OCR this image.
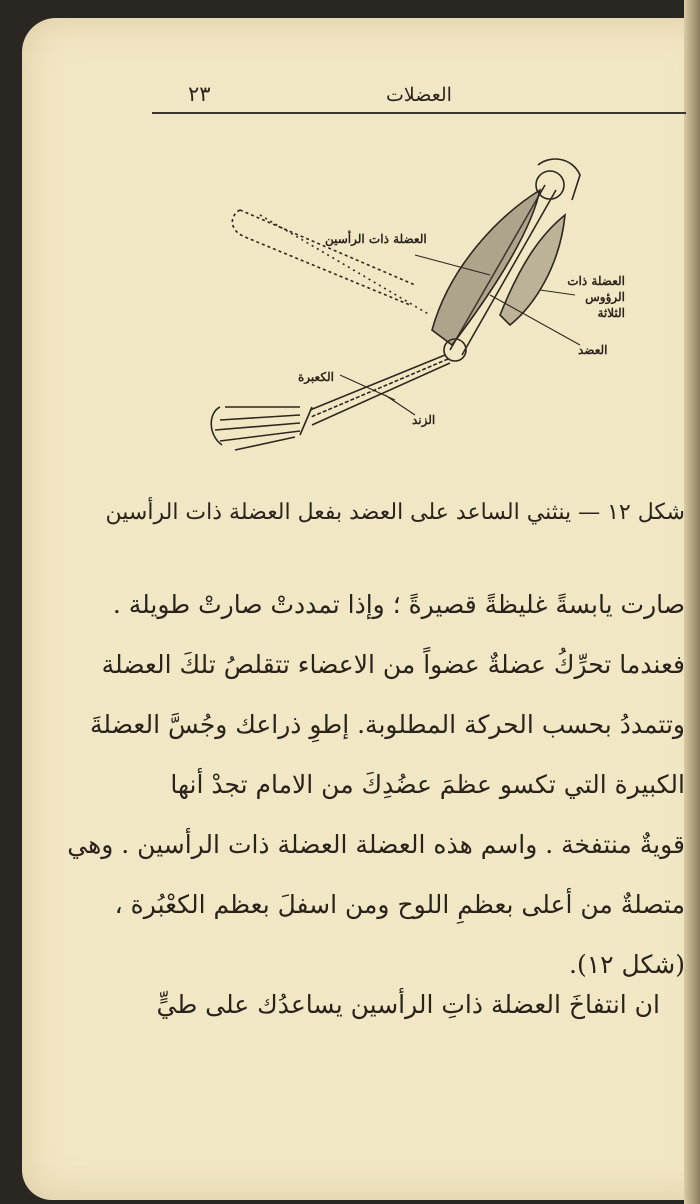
العضلات
٢٣
العضلة ذات الرأسين
العضلة ذات الرؤوس الثلاثة
العضد
الكعبرة
الزند
شكل ١٢ — ينثني الساعد على العضد بفعل العضلة ذات الرأسين
صارت يابسةً غليظةً قصيرةً ؛ وإذا تمددتْ صارتْ طويلة .
فعندما تحرِّكُ عضلةٌ عضواً من الاعضاء تتقلصُ تلكَ العضلة
وتتمددُ بحسب الحركة المطلوبة. إطوِ ذراعك وجُسَّ العضلةَ
الكبيرة التي تكسو عظمَ عضُدِكَ من الامام تجدْ أنها
قويةٌ منتفخة . واسم هذه العضلة العضلة ذات الرأسين . وهي
متصلةٌ من أعلى بعظمِ اللوح ومن اسفلَ بعظم الكعْبُرة ،
(شكل ١٢).
ان انتفاخَ العضلة ذاتِ الرأسين يساعدُك على طيٍّ
